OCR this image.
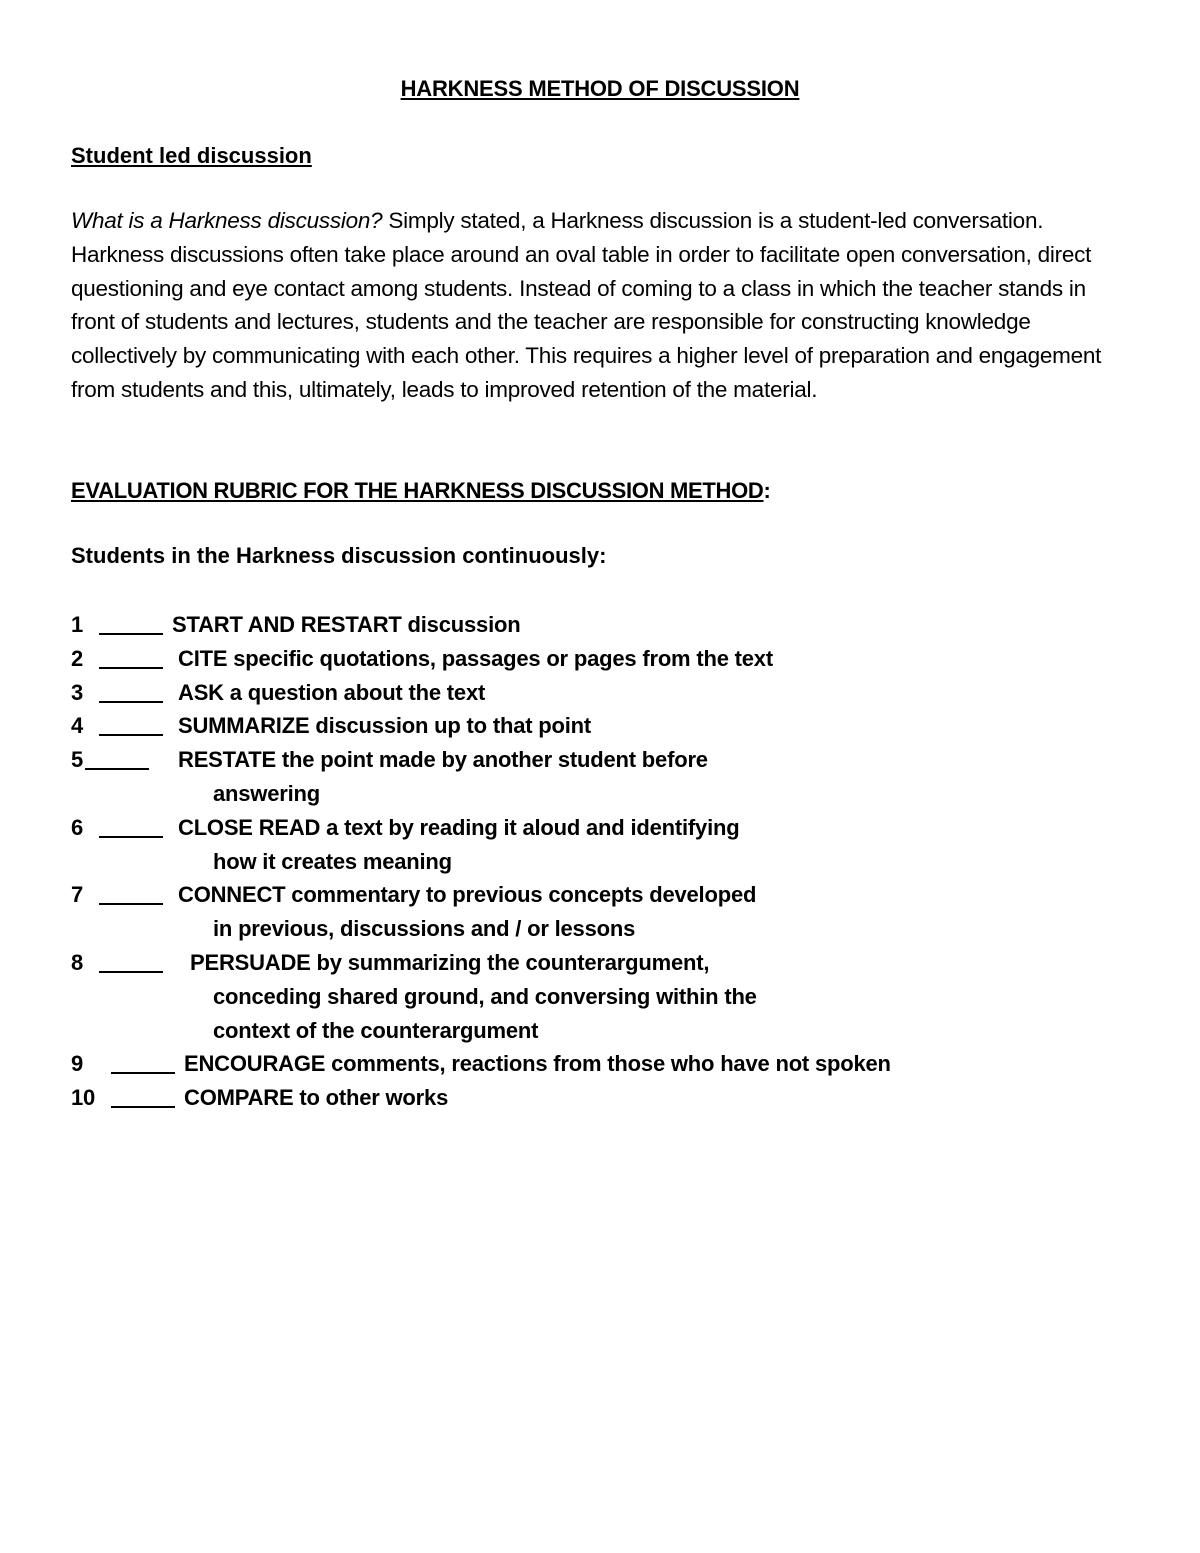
HARKNESS METHOD OF DISCUSSION
Student led discussion
What is a Harkness discussion? Simply stated, a Harkness discussion is a student-led conversation. Harkness discussions often take place around an oval table in order to facilitate open conversation, direct questioning and eye contact among students. Instead of coming to a class in which the teacher stands in front of students and lectures, students and the teacher are responsible for constructing knowledge collectively by communicating with each other. This requires a higher level of preparation and engagement from students and this, ultimately, leads to improved retention of the material.
EVALUATION RUBRIC FOR THE HARKNESS DISCUSSION METHOD:
Students in the Harkness discussion continuously:
1	START AND RESTART discussion
2	CITE specific quotations, passages or pages from the text
3	ASK a question about the text
4	SUMMARIZE discussion up to that point
5	RESTATE the point made by another student before
answering
6	CLOSE READ a text by reading it aloud and identifying
how it creates meaning
7	CONNECT commentary to previous concepts developed
in previous, discussions and / or lessons
8	PERSUADE by summarizing the counterargument,
conceding shared ground, and conversing within the
context of the counterargument
9	ENCOURAGE comments, reactions from those who have not spoken
10	COMPARE to other works
